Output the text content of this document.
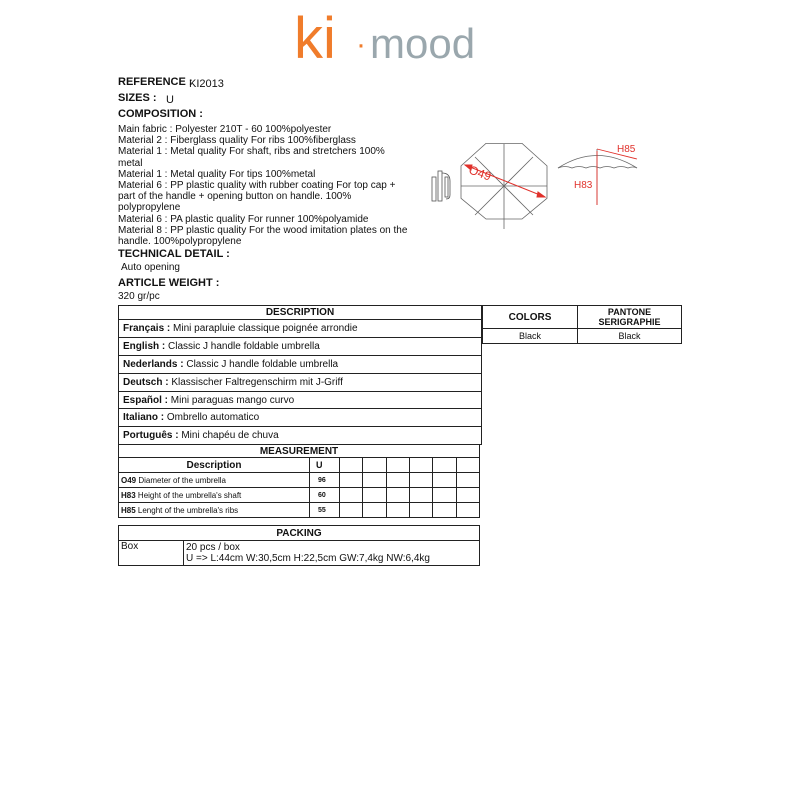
ki · mood
REFERENCE :
KI2013
SIZES : U
COMPOSITION :
Main fabric : Polyester 210T - 60 100%polyester
Material 2 : Fiberglass quality For ribs 100%fiberglass
Material 1 : Metal quality For shaft, ribs and stretchers 100% metal
Material 1 : Metal quality For tips 100%metal
Material 6 : PP plastic quality with rubber coating For top cap + part of the handle + opening button on handle. 100% polypropylene
Material 6 : PA plastic quality For runner 100%polyamide
Material 8 : PP plastic quality For the wood imitation plates on the handle. 100%polypropylene
TECHNICAL DETAIL :
Auto opening
ARTICLE WEIGHT :
320 gr/pc
O49
H85
H83
DESCRIPTION
Français : Mini parapluie classique poignée arrondie
English : Classic J handle foldable umbrella
Nederlands : Classic J handle foldable umbrella
Deutsch : Klassischer Faltregenschirm mit J-Griff
Español : Mini paraguas mango curvo
Italiano : Ombrello automatico
Português : Mini chapéu de chuva
COLORS	PANTONE SERIGRAPHIE
Black	Black
MEASUREMENT							
Description	U						
O49 Diameter of the umbrella	96						
H83 Height of the umbrella's shaft	60						
H85 Lenght of the umbrella's ribs	55						
PACKING
Box	20 pcs / box
U => L:44cm W:30,5cm H:22,5cm GW:7,4kg NW:6,4kg
